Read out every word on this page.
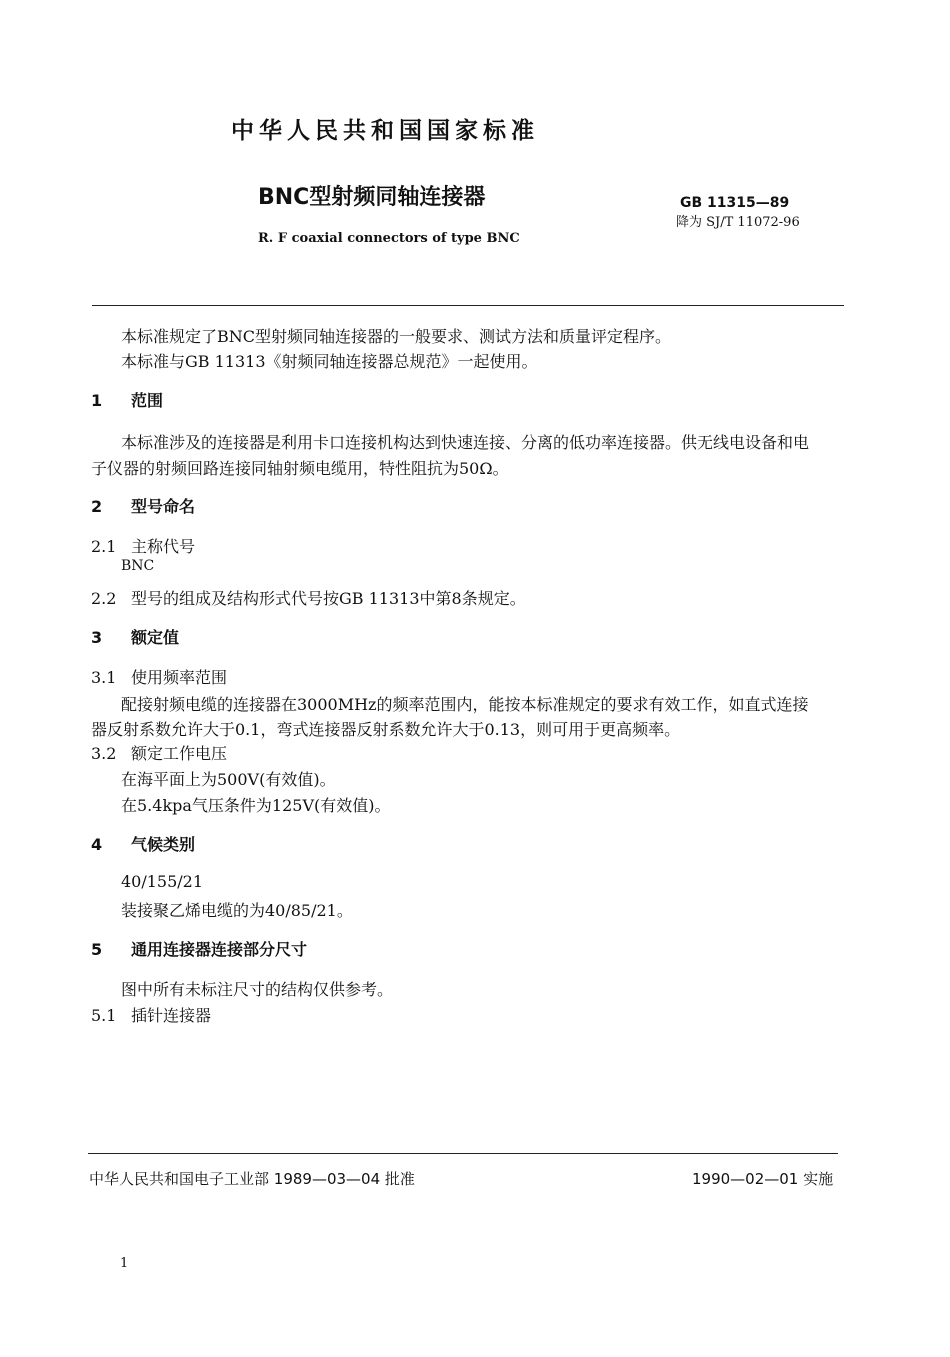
中华人民共和国国家标准
BNC型射频同轴连接器
R. F coaxial connectors of type BNC
GB 11315—89
降为 SJ/T 11072-96
本标准规定了BNC型射频同轴连接器的一般要求、测试方法和质量评定程序。
本标准与GB 11313《射频同轴连接器总规范》一起使用。
1 范围
本标准涉及的连接器是利用卡口连接机构达到快速连接、分离的低功率连接器。供无线电设备和电
子仪器的射频回路连接同轴射频电缆用，特性阻抗为50Ω。
2 型号命名
2.1 主称代号
BNC
2.2 型号的组成及结构形式代号按GB 11313中第8条规定。
3 额定值
3.1 使用频率范围
配接射频电缆的连接器在3000MHz的频率范围内，能按本标准规定的要求有效工作，如直式连接
器反射系数允许大于0.1，弯式连接器反射系数允许大于0.13，则可用于更高频率。
3.2 额定工作电压
在海平面上为500V(有效值)。
在5.4kpa气压条件为125V(有效值)。
4 气候类别
40/155/21
装接聚乙烯电缆的为40/85/21。
5 通用连接器连接部分尺寸
图中所有未标注尺寸的结构仅供参考。
5.1 插针连接器
中华人民共和国电子工业部 1989—03—04 批准	1990—02—01 实施
1
